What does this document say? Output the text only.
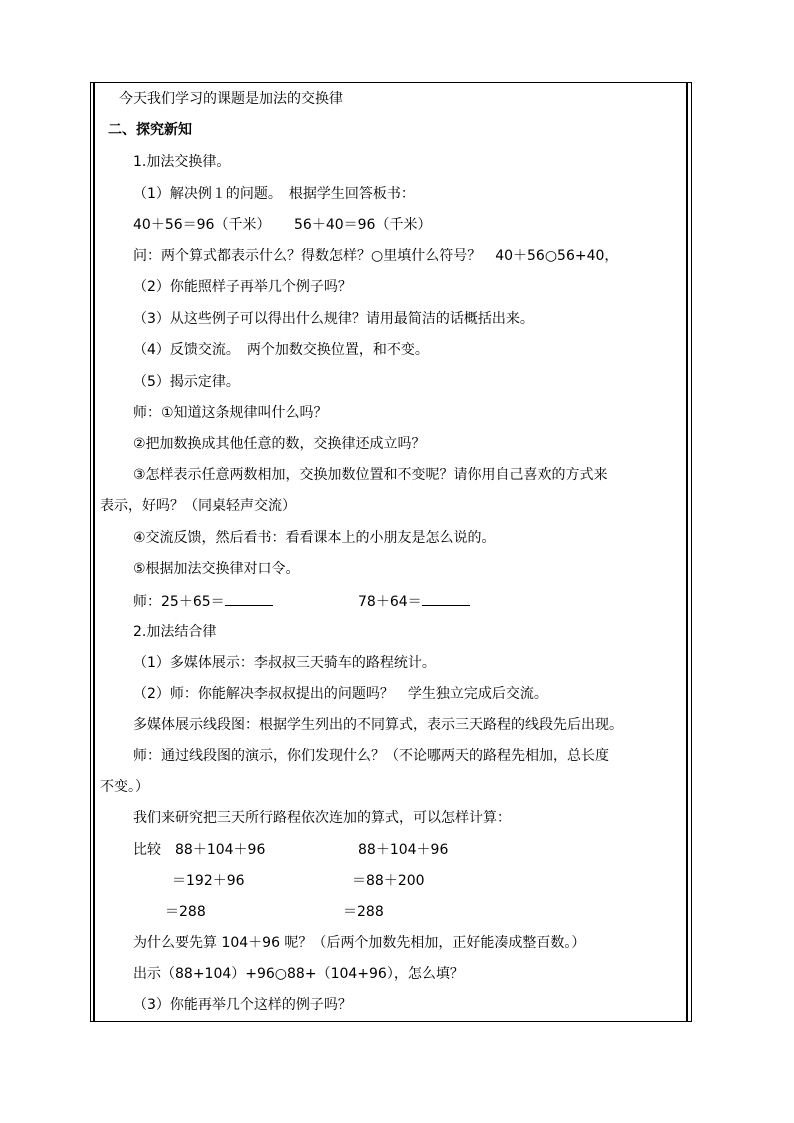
今天我们学习的课题是加法的交换律
二、探究新知
1.加法交换律。
（1）解决例１的问题。　根据学生回答板书：
40＋56＝96（千米） 56＋40＝96（千米）
问：两个算式都表示什么？得数怎样？○里填什么符号？　40＋56○56+40，
（2）你能照样子再举几个例子吗？
（3）从这些例子可以得出什么规律？请用最简洁的话概括出来。
（4）反馈交流。　两个加数交换位置，和不变。
（5）揭示定律。
师：①知道这条规律叫什么吗？
②把加数换成其他任意的数，交换律还成立吗？
③怎样表示任意两数相加，交换加数位置和不变呢？请你用自己喜欢的方式来
表示，好吗？（同桌轻声交流）
④交流反馈，然后看书：看看课本上的小朋友是怎么说的。
⑤根据加法交换律对口令。
师：25＋65＝	78＋64＝
2.加法结合律
（1）多媒体展示：李叔叔三天骑车的路程统计。
（2）师：你能解决李叔叔提出的问题吗？　学生独立完成后交流。
多媒体展示线段图：根据学生列出的不同算式，表示三天路程的线段先后出现。
师：通过线段图的演示，你们发现什么？（不论哪两天的路程先相加，总长度
不变。）
我们来研究把三天所行路程依次连加的算式，可以怎样计算：
比较　88＋104＋96	88＋104＋96
＝192＋96	＝88＋200
＝288	＝288
为什么要先算 104＋96 呢？（后两个加数先相加，正好能凑成整百数。）
出示（88+104）+96○88+（104+96），怎么填？
（3）你能再举几个这样的例子吗？
